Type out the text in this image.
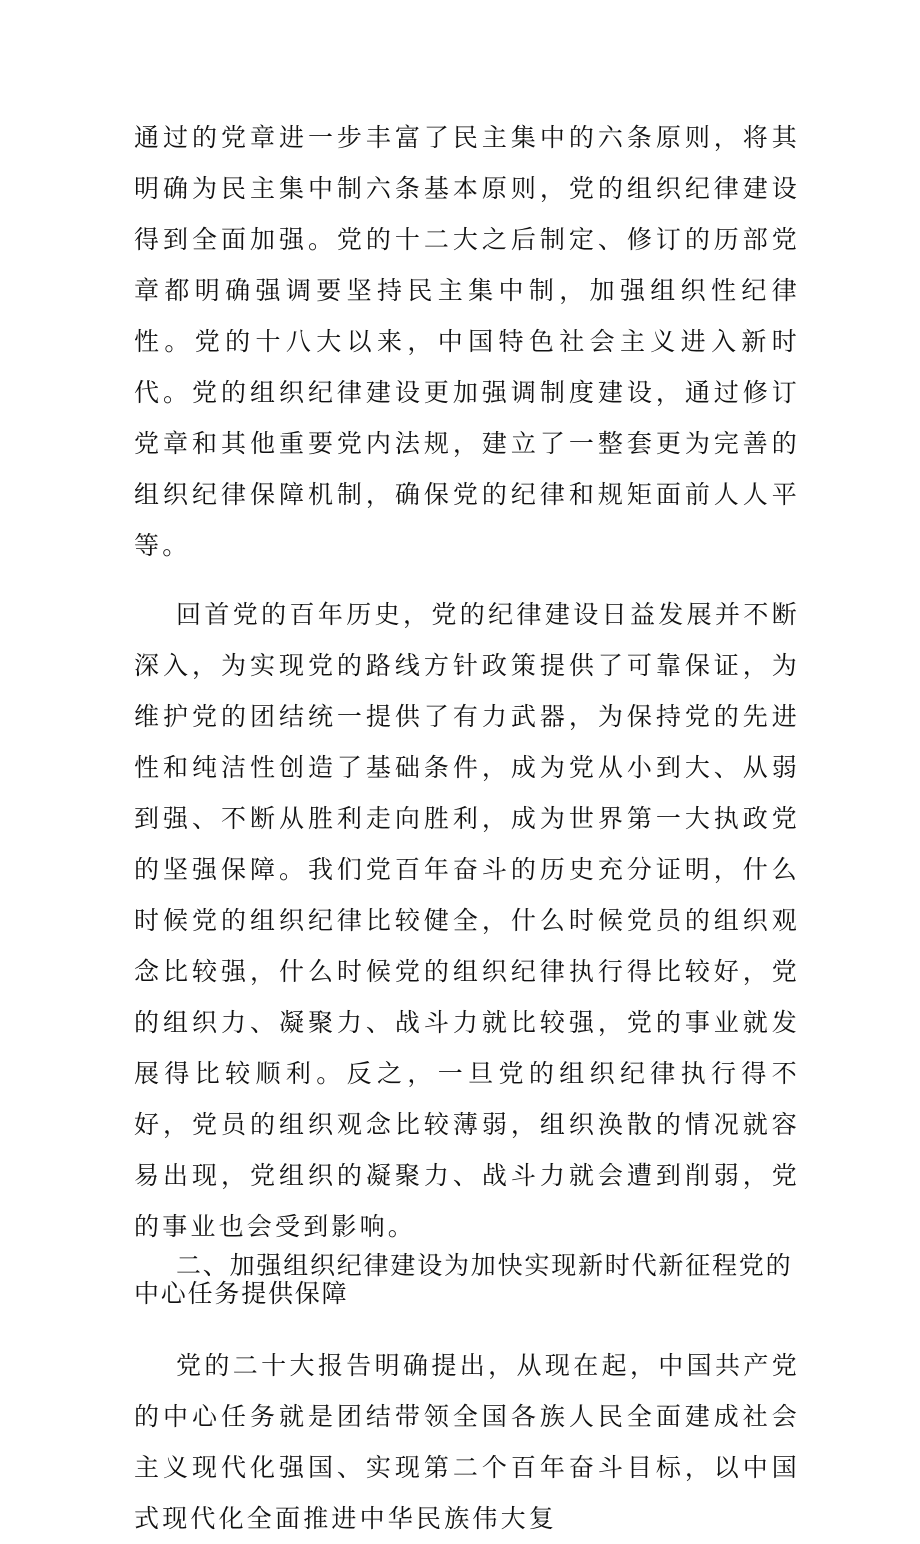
通过的党章进一步丰富了民主集中的六条原则，将其明确为民主集中制六条基本原则，党的组织纪律建设得到全面加强。党的十二大之后制定、修订的历部党章都明确强调要坚持民主集中制，加强组织性纪律性。党的十八大以来，中国特色社会主义进入新时代。党的组织纪律建设更加强调制度建设，通过修订党章和其他重要党内法规，建立了一整套更为完善的组织纪律保障机制，确保党的纪律和规矩面前人人平等。

回首党的百年历史，党的纪律建设日益发展并不断深入，为实现党的路线方针政策提供了可靠保证，为维护党的团结统一提供了有力武器，为保持党的先进性和纯洁性创造了基础条件，成为党从小到大、从弱到强、不断从胜利走向胜利，成为世界第一大执政党的坚强保障。我们党百年奋斗的历史充分证明，什么时候党的组织纪律比较健全，什么时候党员的组织观念比较强，什么时候党的组织纪律执行得比较好，党的组织力、凝聚力、战斗力就比较强，党的事业就发展得比较顺利。反之，一旦党的组织纪律执行得不好，党员的组织观念比较薄弱，组织涣散的情况就容易出现，党组织的凝聚力、战斗力就会遭到削弱，党的事业也会受到影响。

二、加强组织纪律建设为加快实现新时代新征程党的中心任务提供保障

党的二十大报告明确提出，从现在起，中国共产党的中心任务就是团结带领全国各族人民全面建成社会主义现代化强国、实现第二个百年奋斗目标，以中国式现代化全面推进中华民族伟大复
